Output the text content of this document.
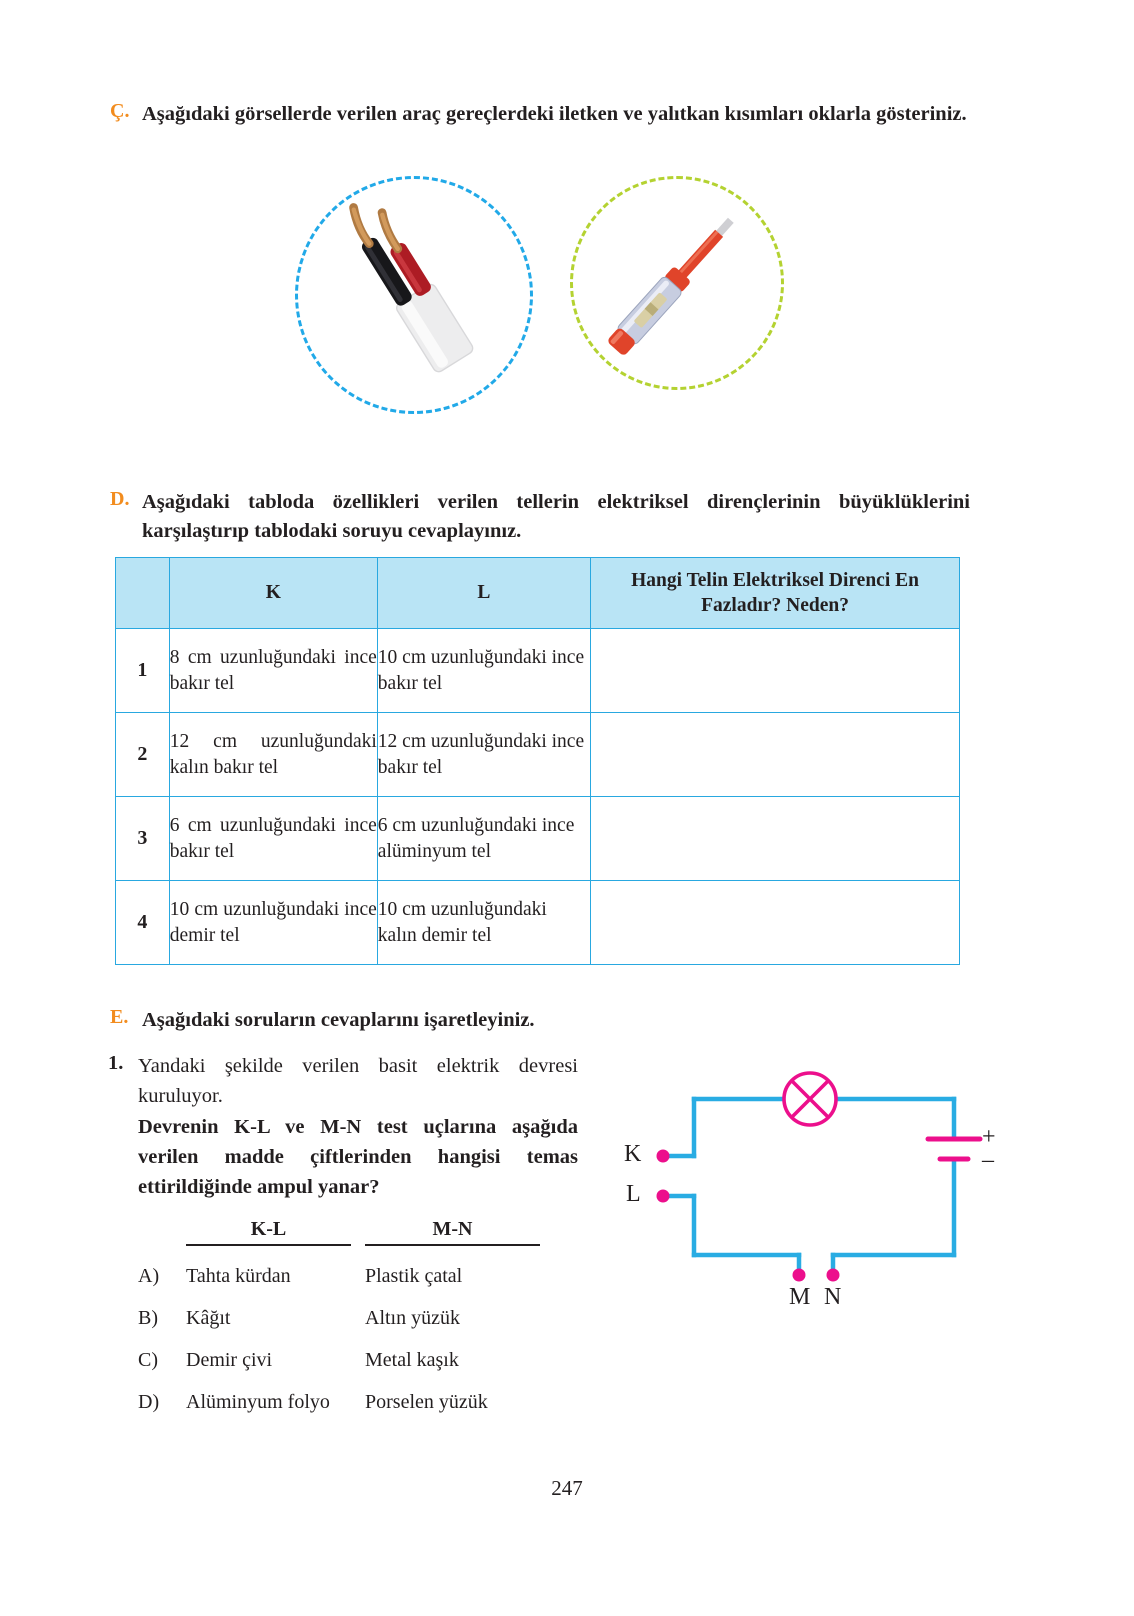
Ç. Aşağıdaki görsellerde verilen araç gereçlerdeki iletken ve yalıtkan kısımları oklarla gösteriniz.
D. Aşağıdaki tabloda özellikleri verilen tellerin elektriksel dirençlerinin büyüklüklerini karşılaştırıp tablodaki soruyu cevaplayınız.
	K	L	Hangi Telin Elektriksel Direnci En Fazladır? Neden?
1	8 cm uzunluğundaki ince bakır tel	10 cm uzunluğundaki ince bakır tel	
2	12 cm uzunluğundaki kalın bakır tel	12 cm uzunluğundaki ince bakır tel	
3	6 cm uzunluğundaki ince bakır tel	6 cm uzunluğundaki ince alüminyum tel	
4	10 cm uzunluğundaki ince demir tel	10 cm uzunluğundaki kalın demir tel	
E. Aşağıdaki soruların cevaplarını işaretleyiniz.
1. Yandaki şekilde verilen basit elektrik devresi kuruluyor.
Devrenin K-L ve M-N test uçlarına aşağıda verilen madde çiftlerinden hangisi temas ettirildiğinde ampul yanar?
K-L	M-N
A)	Tahta kürdan	Plastik çatal
B)	Kâğıt	Altın yüzük
C)	Demir çivi	Metal kaşık
D)	Alüminyum folyo	Porselen yüzük
K
L
M N
+
–
247
